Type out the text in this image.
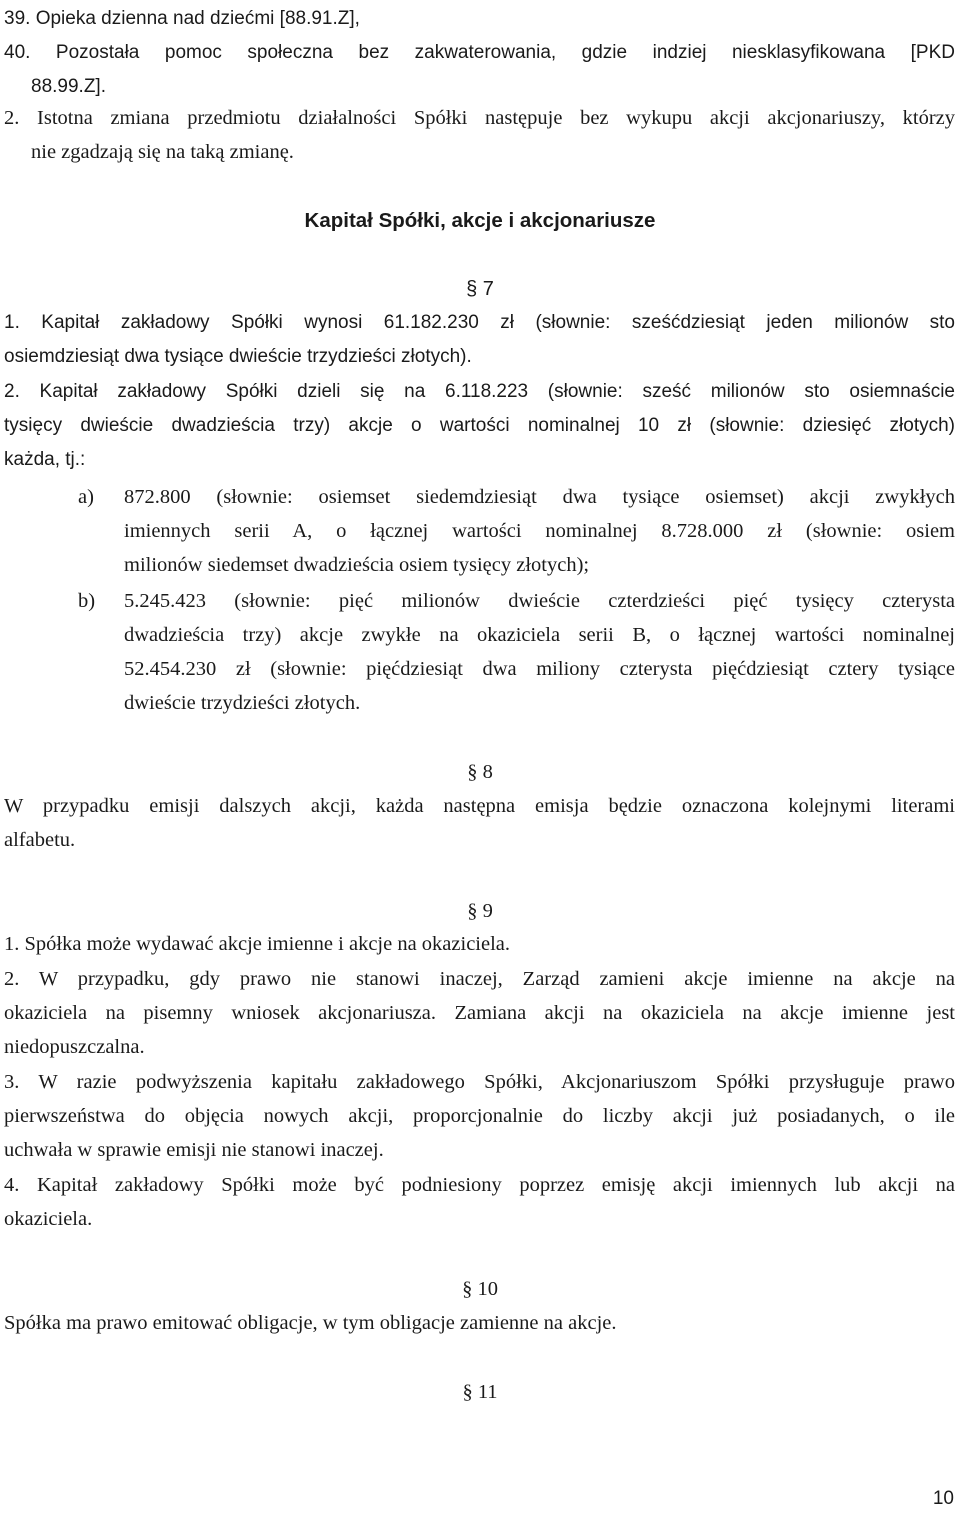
39. Opieka dzienna nad dziećmi [88.91.Z],
40. Pozostała pomoc społeczna bez zakwaterowania, gdzie indziej niesklasyfikowana [PKD
88.99.Z].
2. Istotna zmiana przedmiotu działalności Spółki następuje bez wykupu akcji akcjonariuszy, którzy
nie zgadzają się na taką zmianę.
Kapitał Spółki, akcje i akcjonariusze
§ 7
1. Kapitał zakładowy Spółki wynosi 61.182.230 zł (słownie: sześćdziesiąt jeden milionów sto
osiemdziesiąt dwa tysiące dwieście trzydzieści złotych).
2. Kapitał zakładowy Spółki dzieli się na 6.118.223 (słownie: sześć milionów sto osiemnaście
tysięcy dwieście dwadzieścia trzy) akcje o wartości nominalnej 10 zł (słownie: dziesięć złotych)
każda, tj.:
a) 872.800 (słownie: osiemset siedemdziesiąt dwa tysiące osiemset) akcji zwykłych
imiennych serii A, o łącznej wartości nominalnej 8.728.000 zł (słownie: osiem
milionów siedemset dwadzieścia osiem tysięcy złotych);
b) 5.245.423 (słownie: pięć milionów dwieście czterdzieści pięć tysięcy czterysta
dwadzieścia trzy) akcje zwykłe na okaziciela serii B, o łącznej wartości nominalnej
52.454.230 zł (słownie: pięćdziesiąt dwa miliony czterysta pięćdziesiąt cztery tysiące
dwieście trzydzieści złotych.
§ 8
W przypadku emisji dalszych akcji, każda następna emisja będzie oznaczona kolejnymi literami
alfabetu.
§ 9
1. Spółka może wydawać akcje imienne i akcje na okaziciela.
2. W przypadku, gdy prawo nie stanowi inaczej, Zarząd zamieni akcje imienne na akcje na
okaziciela na pisemny wniosek akcjonariusza. Zamiana akcji na okaziciela na akcje imienne jest
niedopuszczalna.
3. W razie podwyższenia kapitału zakładowego Spółki, Akcjonariuszom Spółki przysługuje prawo
pierwszeństwa do objęcia nowych akcji, proporcjonalnie do liczby akcji już posiadanych, o ile
uchwała w sprawie emisji nie stanowi inaczej.
4. Kapitał zakładowy Spółki może być podniesiony poprzez emisję akcji imiennych lub akcji na
okaziciela.
§ 10
Spółka ma prawo emitować obligacje, w tym obligacje zamienne na akcje.
§ 11
10
